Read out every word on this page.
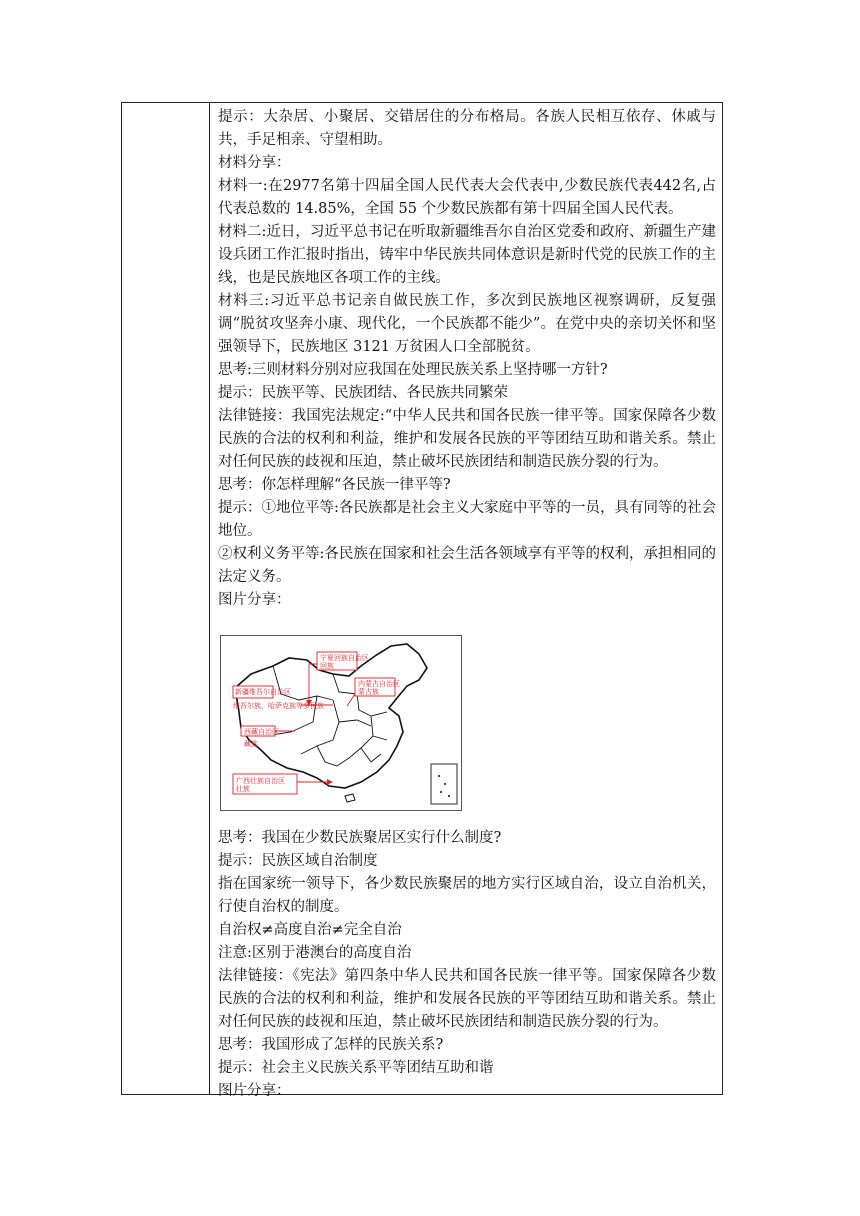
提示：大杂居、小聚居、交错居住的分布格局。各族人民相互依存、休戚与共，手足相亲、守望相助。

材料分享：

材料一:在2977名第十四届全国人民代表大会代表中,少数民族代表442名,占代表总数的 14.85%，全国 55 个少数民族都有第十四届全国人民代表。

材料二:近日，习近平总书记在听取新疆维吾尔自治区党委和政府、新疆生产建设兵团工作汇报时指出，铸牢中华民族共同体意识是新时代党的民族工作的主线，也是民族地区各项工作的主线。

材料三:习近平总书记亲自做民族工作，多次到民族地区视察调研，反复强调“脱贫攻坚奔小康、现代化，一个民族都不能少”。在党中央的亲切关怀和坚强领导下，民族地区 3121 万贫困人口全部脱贫。

思考:三则材料分别对应我国在处理民族关系上坚持哪一方针?

提示：民族平等、民族团结、各民族共同繁荣

法律链接：我国宪法规定:“中华人民共和国各民族一律平等。国家保障各少数民族的合法的权利和利益，维护和发展各民族的平等团结互助和谐关系。禁止对任何民族的歧视和压迫，禁止破坏民族团结和制造民族分裂的行为。

思考：你怎样理解“各民族一律平等?

提示：①地位平等:各民族都是社会主义大家庭中平等的一员，具有同等的社会地位。

②权利义务平等:各民族在国家和社会生活各领域享有平等的权利，承担相同的法定义务。

图片分享：

宁夏回族自治区
回族
内蒙古自治区
蒙古族
新疆维吾尔自治区
维吾尔族、哈萨克族等多民族
西藏自治区
藏族
广西壮族自治区
壮族

思考：我国在少数民族聚居区实行什么制度?

提示：民族区域自治制度

指在国家统一领导下，各少数民族聚居的地方实行区域自治，设立自治机关，行使自治权的制度。

自治权≠高度自治≠完全自治

注意:区别于港澳台的高度自治

法律链接：《宪法》第四条中华人民共和国各民族一律平等。国家保障各少数民族的合法的权利和利益，维护和发展各民族的平等团结互助和谐关系。禁止对任何民族的歧视和压迫，禁止破坏民族团结和制造民族分裂的行为。

思考：我国形成了怎样的民族关系?

提示：社会主义民族关系平等团结互助和谐

图片分享：
